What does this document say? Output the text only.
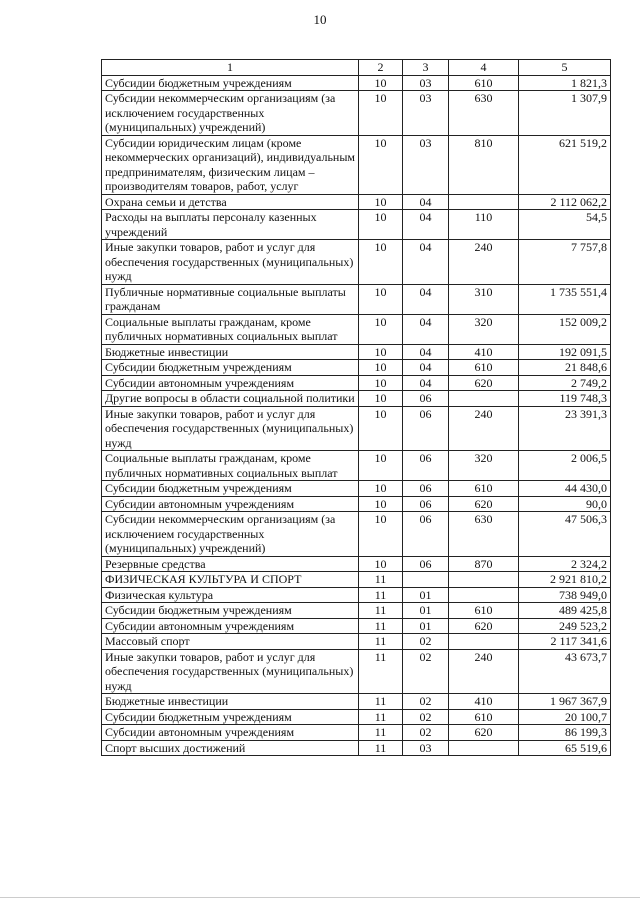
10
1	2	3	4	5
Субсидии бюджетным учреждениям	10	03	610	1 821,3
Субсидии некоммерческим организациям (за исключением государственных (муниципальных) учреждений)	10	03	630	1 307,9
Субсидии юридическим лицам (кроме некоммерческих организаций), индивидуальным предпринимателям, физическим лицам – производителям товаров, работ, услуг	10	03	810	621 519,2
Охрана семьи и детства	10	04		2 112 062,2
Расходы на выплаты персоналу казенных учреждений	10	04	110	54,5
Иные закупки товаров, работ и услуг для обеспечения государственных (муниципальных) нужд	10	04	240	7 757,8
Публичные нормативные социальные выплаты гражданам	10	04	310	1 735 551,4
Социальные выплаты гражданам, кроме публичных нормативных социальных выплат	10	04	320	152 009,2
Бюджетные инвестиции	10	04	410	192 091,5
Субсидии бюджетным учреждениям	10	04	610	21 848,6
Субсидии автономным учреждениям	10	04	620	2 749,2
Другие вопросы в области социальной политики	10	06		119 748,3
Иные закупки товаров, работ и услуг для обеспечения государственных (муниципальных) нужд	10	06	240	23 391,3
Социальные выплаты гражданам, кроме публичных нормативных социальных выплат	10	06	320	2 006,5
Субсидии бюджетным учреждениям	10	06	610	44 430,0
Субсидии автономным учреждениям	10	06	620	90,0
Субсидии некоммерческим организациям (за исключением государственных (муниципальных) учреждений)	10	06	630	47 506,3
Резервные средства	10	06	870	2 324,2
ФИЗИЧЕСКАЯ КУЛЬТУРА И СПОРТ	11			2 921 810,2
Физическая культура	11	01		738 949,0
Субсидии бюджетным учреждениям	11	01	610	489 425,8
Субсидии автономным учреждениям	11	01	620	249 523,2
Массовый спорт	11	02		2 117 341,6
Иные закупки товаров, работ и услуг для обеспечения государственных (муниципальных) нужд	11	02	240	43 673,7
Бюджетные инвестиции	11	02	410	1 967 367,9
Субсидии бюджетным учреждениям	11	02	610	20 100,7
Субсидии автономным учреждениям	11	02	620	86 199,3
Спорт высших достижений	11	03		65 519,6
